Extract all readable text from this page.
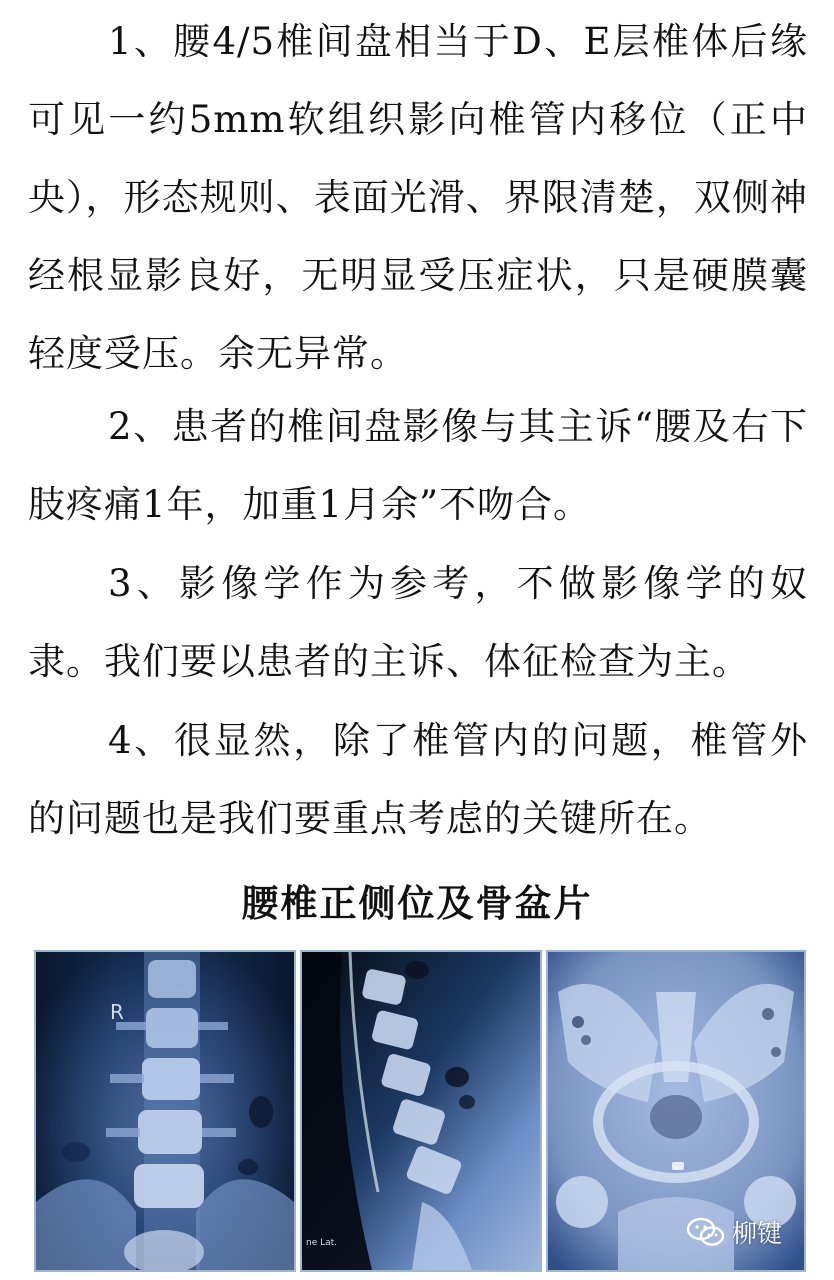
1、腰4/5椎间盘相当于D、E层椎体后缘可见一约5mm软组织影向椎管内移位（正中央），形态规则、表面光滑、界限清楚，双侧神经根显影良好，无明显受压症状，只是硬膜囊轻度受压。余无异常。

2、患者的椎间盘影像与其主诉“腰及右下肢疼痛1年，加重1月余”不吻合。

3、影像学作为参考，不做影像学的奴隶。我们要以患者的主诉、体征检查为主。

4、很显然，除了椎管内的问题，椎管外的问题也是我们要重点考虑的关键所在。

腰椎正侧位及骨盆片
R
ne Lat.	柳键
